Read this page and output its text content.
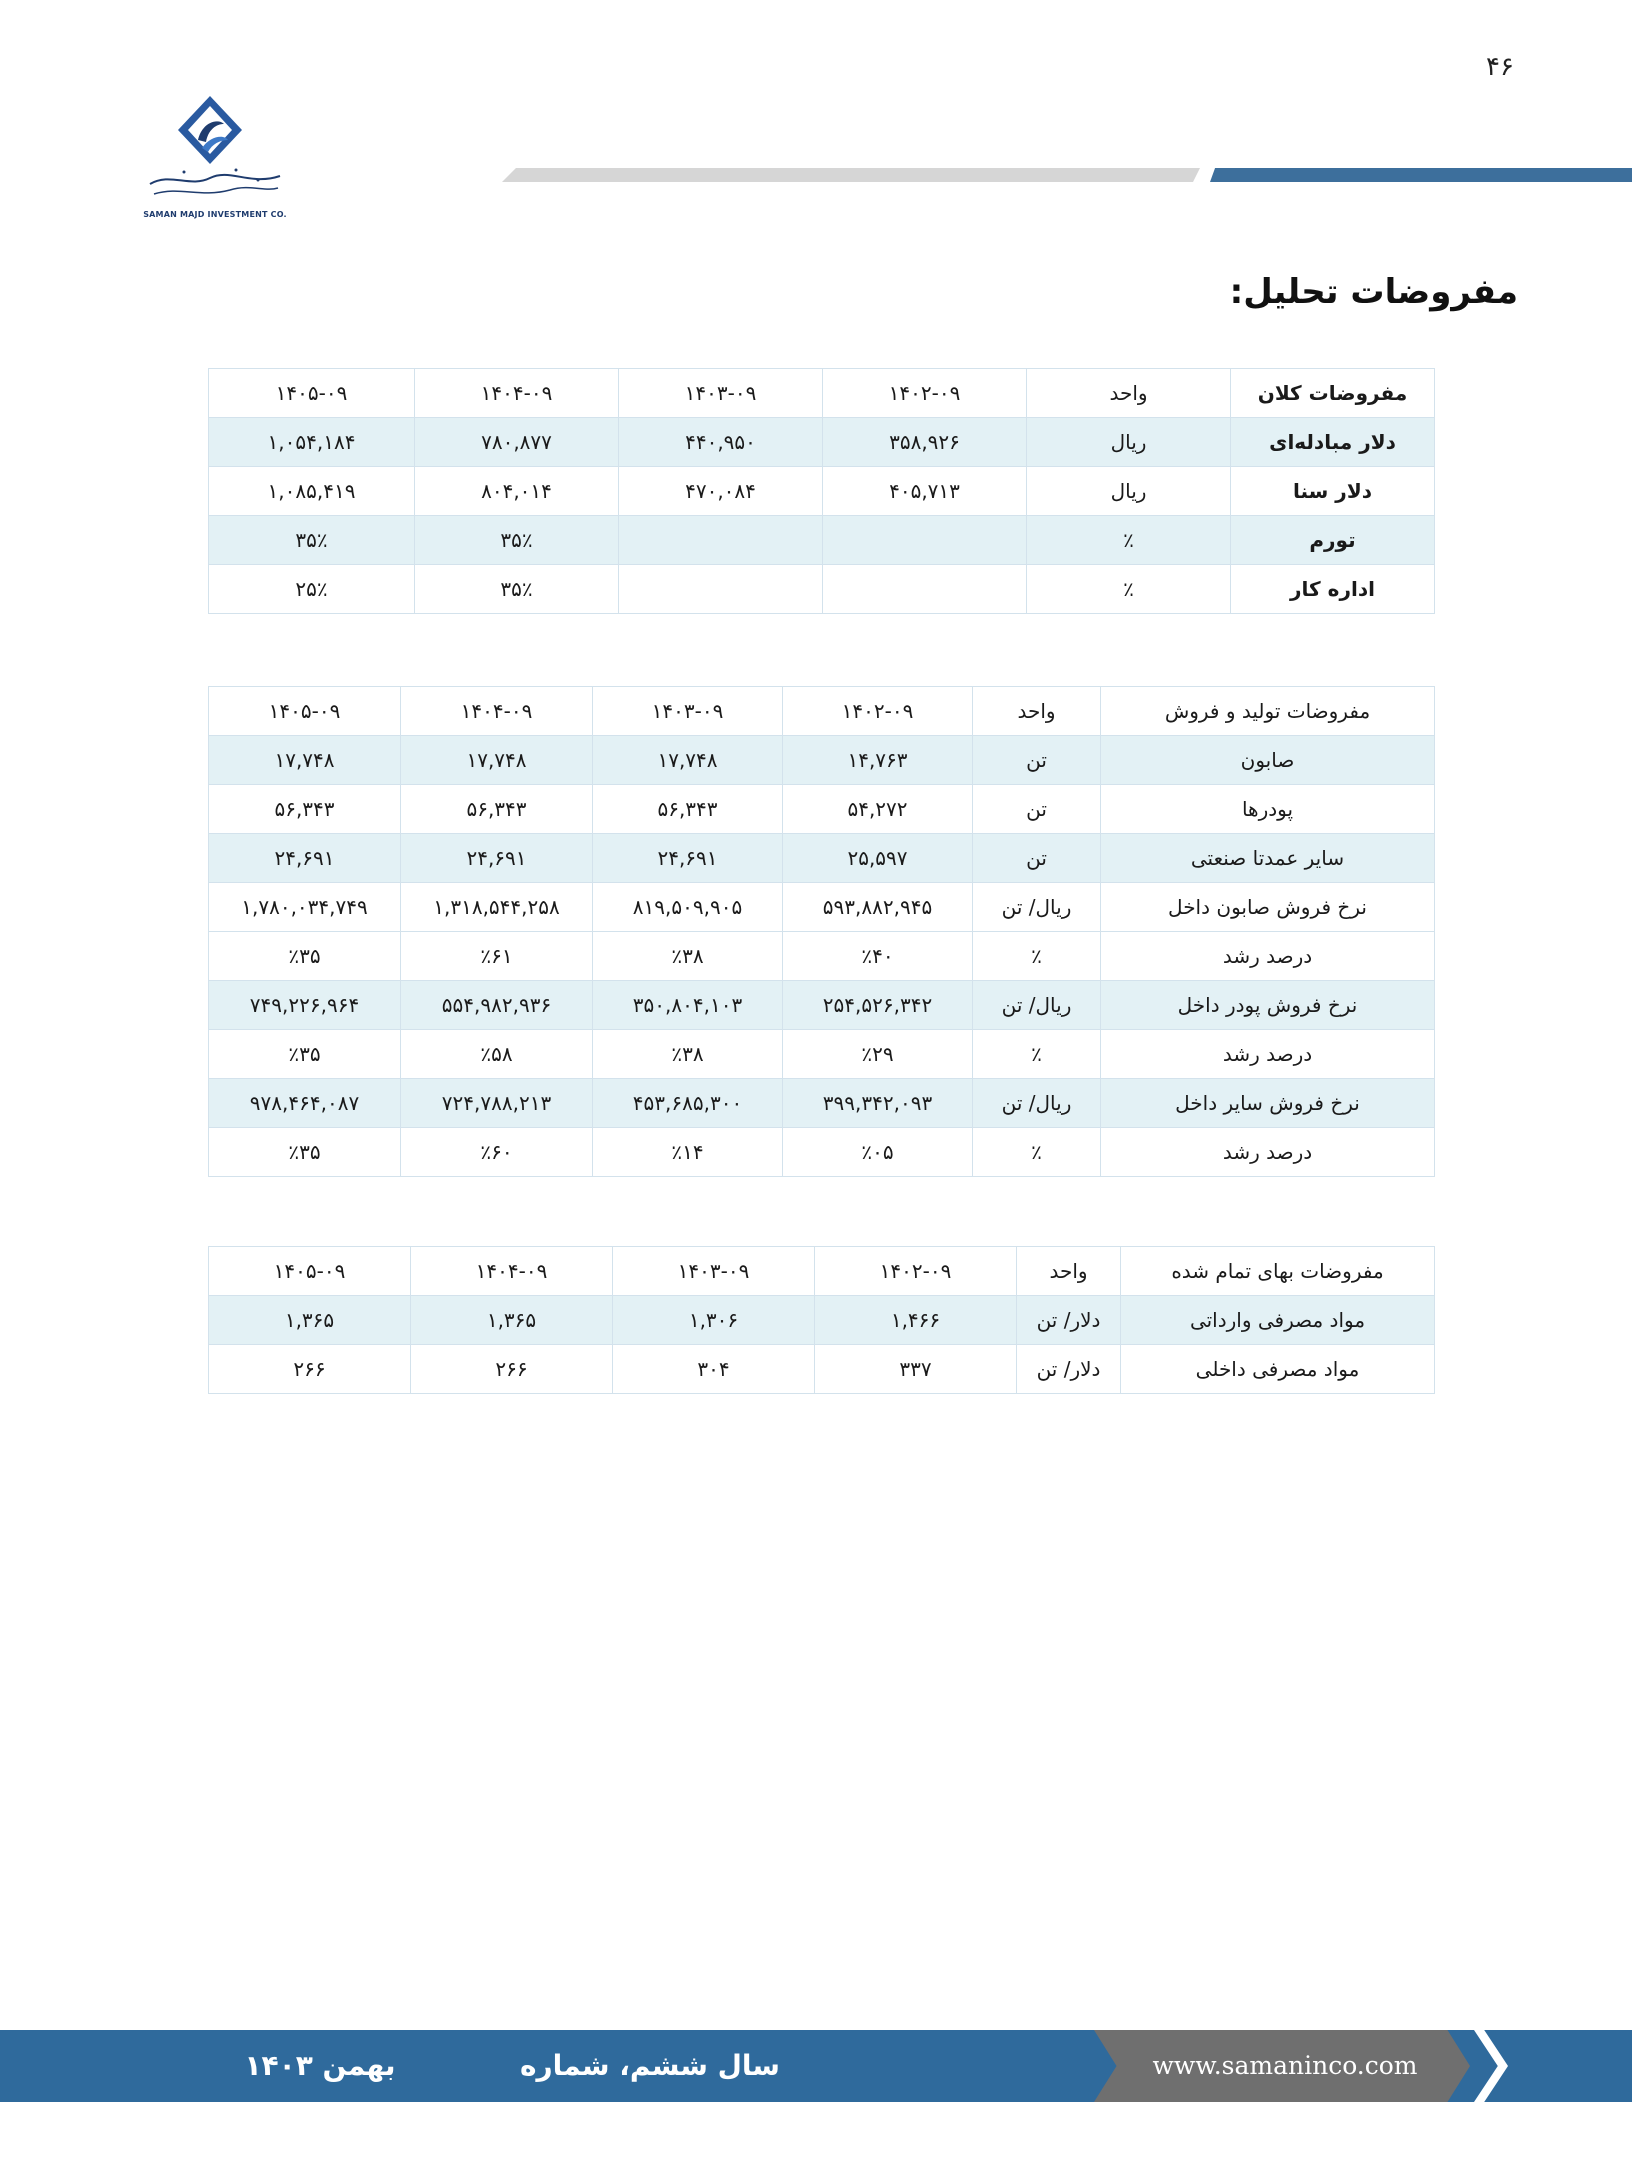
۴۶
SAMAN MAJD INVESTMENT CO.
مفروضات تحلیل:
مفروضات کلان	واحد	۱۴۰۲-۰۹	۱۴۰۳-۰۹	۱۴۰۴-۰۹	۱۴۰۵-۰۹
دلار مبادله‌ای	ریال	۳۵۸,۹۲۶	۴۴۰,۹۵۰	۷۸۰,۸۷۷	۱,۰۵۴,۱۸۴
دلار سنا	ریال	۴۰۵,۷۱۳	۴۷۰,۰۸۴	۸۰۴,۰۱۴	۱,۰۸۵,۴۱۹
تورم	٪			۳۵٪	۳۵٪
اداره کار	٪			۳۵٪	۲۵٪
مفروضات تولید و فروش	واحد	۱۴۰۲-۰۹	۱۴۰۳-۰۹	۱۴۰۴-۰۹	۱۴۰۵-۰۹
صابون	تن	۱۴,۷۶۳	۱۷,۷۴۸	۱۷,۷۴۸	۱۷,۷۴۸
پودرها	تن	۵۴,۲۷۲	۵۶,۳۴۳	۵۶,۳۴۳	۵۶,۳۴۳
سایر عمدتا صنعتی	تن	۲۵,۵۹۷	۲۴,۶۹۱	۲۴,۶۹۱	۲۴,۶۹۱
نرخ فروش صابون داخل	ریال/ تن	۵۹۳,۸۸۲,۹۴۵	۸۱۹,۵۰۹,۹۰۵	۱,۳۱۸,۵۴۴,۲۵۸	۱,۷۸۰,۰۳۴,۷۴۹
درصد رشد	٪	٪۴۰	٪۳۸	٪۶۱	٪۳۵
نرخ فروش پودر داخل	ریال/ تن	۲۵۴,۵۲۶,۳۴۲	۳۵۰,۸۰۴,۱۰۳	۵۵۴,۹۸۲,۹۳۶	۷۴۹,۲۲۶,۹۶۴
درصد رشد	٪	٪۲۹	٪۳۸	٪۵۸	٪۳۵
نرخ فروش سایر داخل	ریال/ تن	۳۹۹,۳۴۲,۰۹۳	۴۵۳,۶۸۵,۳۰۰	۷۲۴,۷۸۸,۲۱۳	۹۷۸,۴۶۴,۰۸۷
درصد رشد	٪	٪۰۵	٪۱۴	٪۶۰	٪۳۵
مفروضات بهای تمام شده	واحد	۱۴۰۲-۰۹	۱۴۰۳-۰۹	۱۴۰۴-۰۹	۱۴۰۵-۰۹
مواد مصرفی وارداتی	دلار/ تن	۱,۴۶۶	۱,۳۰۶	۱,۳۶۵	۱,۳۶۵
مواد مصرفی داخلی	دلار/ تن	۳۳۷	۳۰۴	۲۶۶	۲۶۶
www.samaninco.com
سال ششم، شماره ۱۱
بهمن ۱۴۰۳
